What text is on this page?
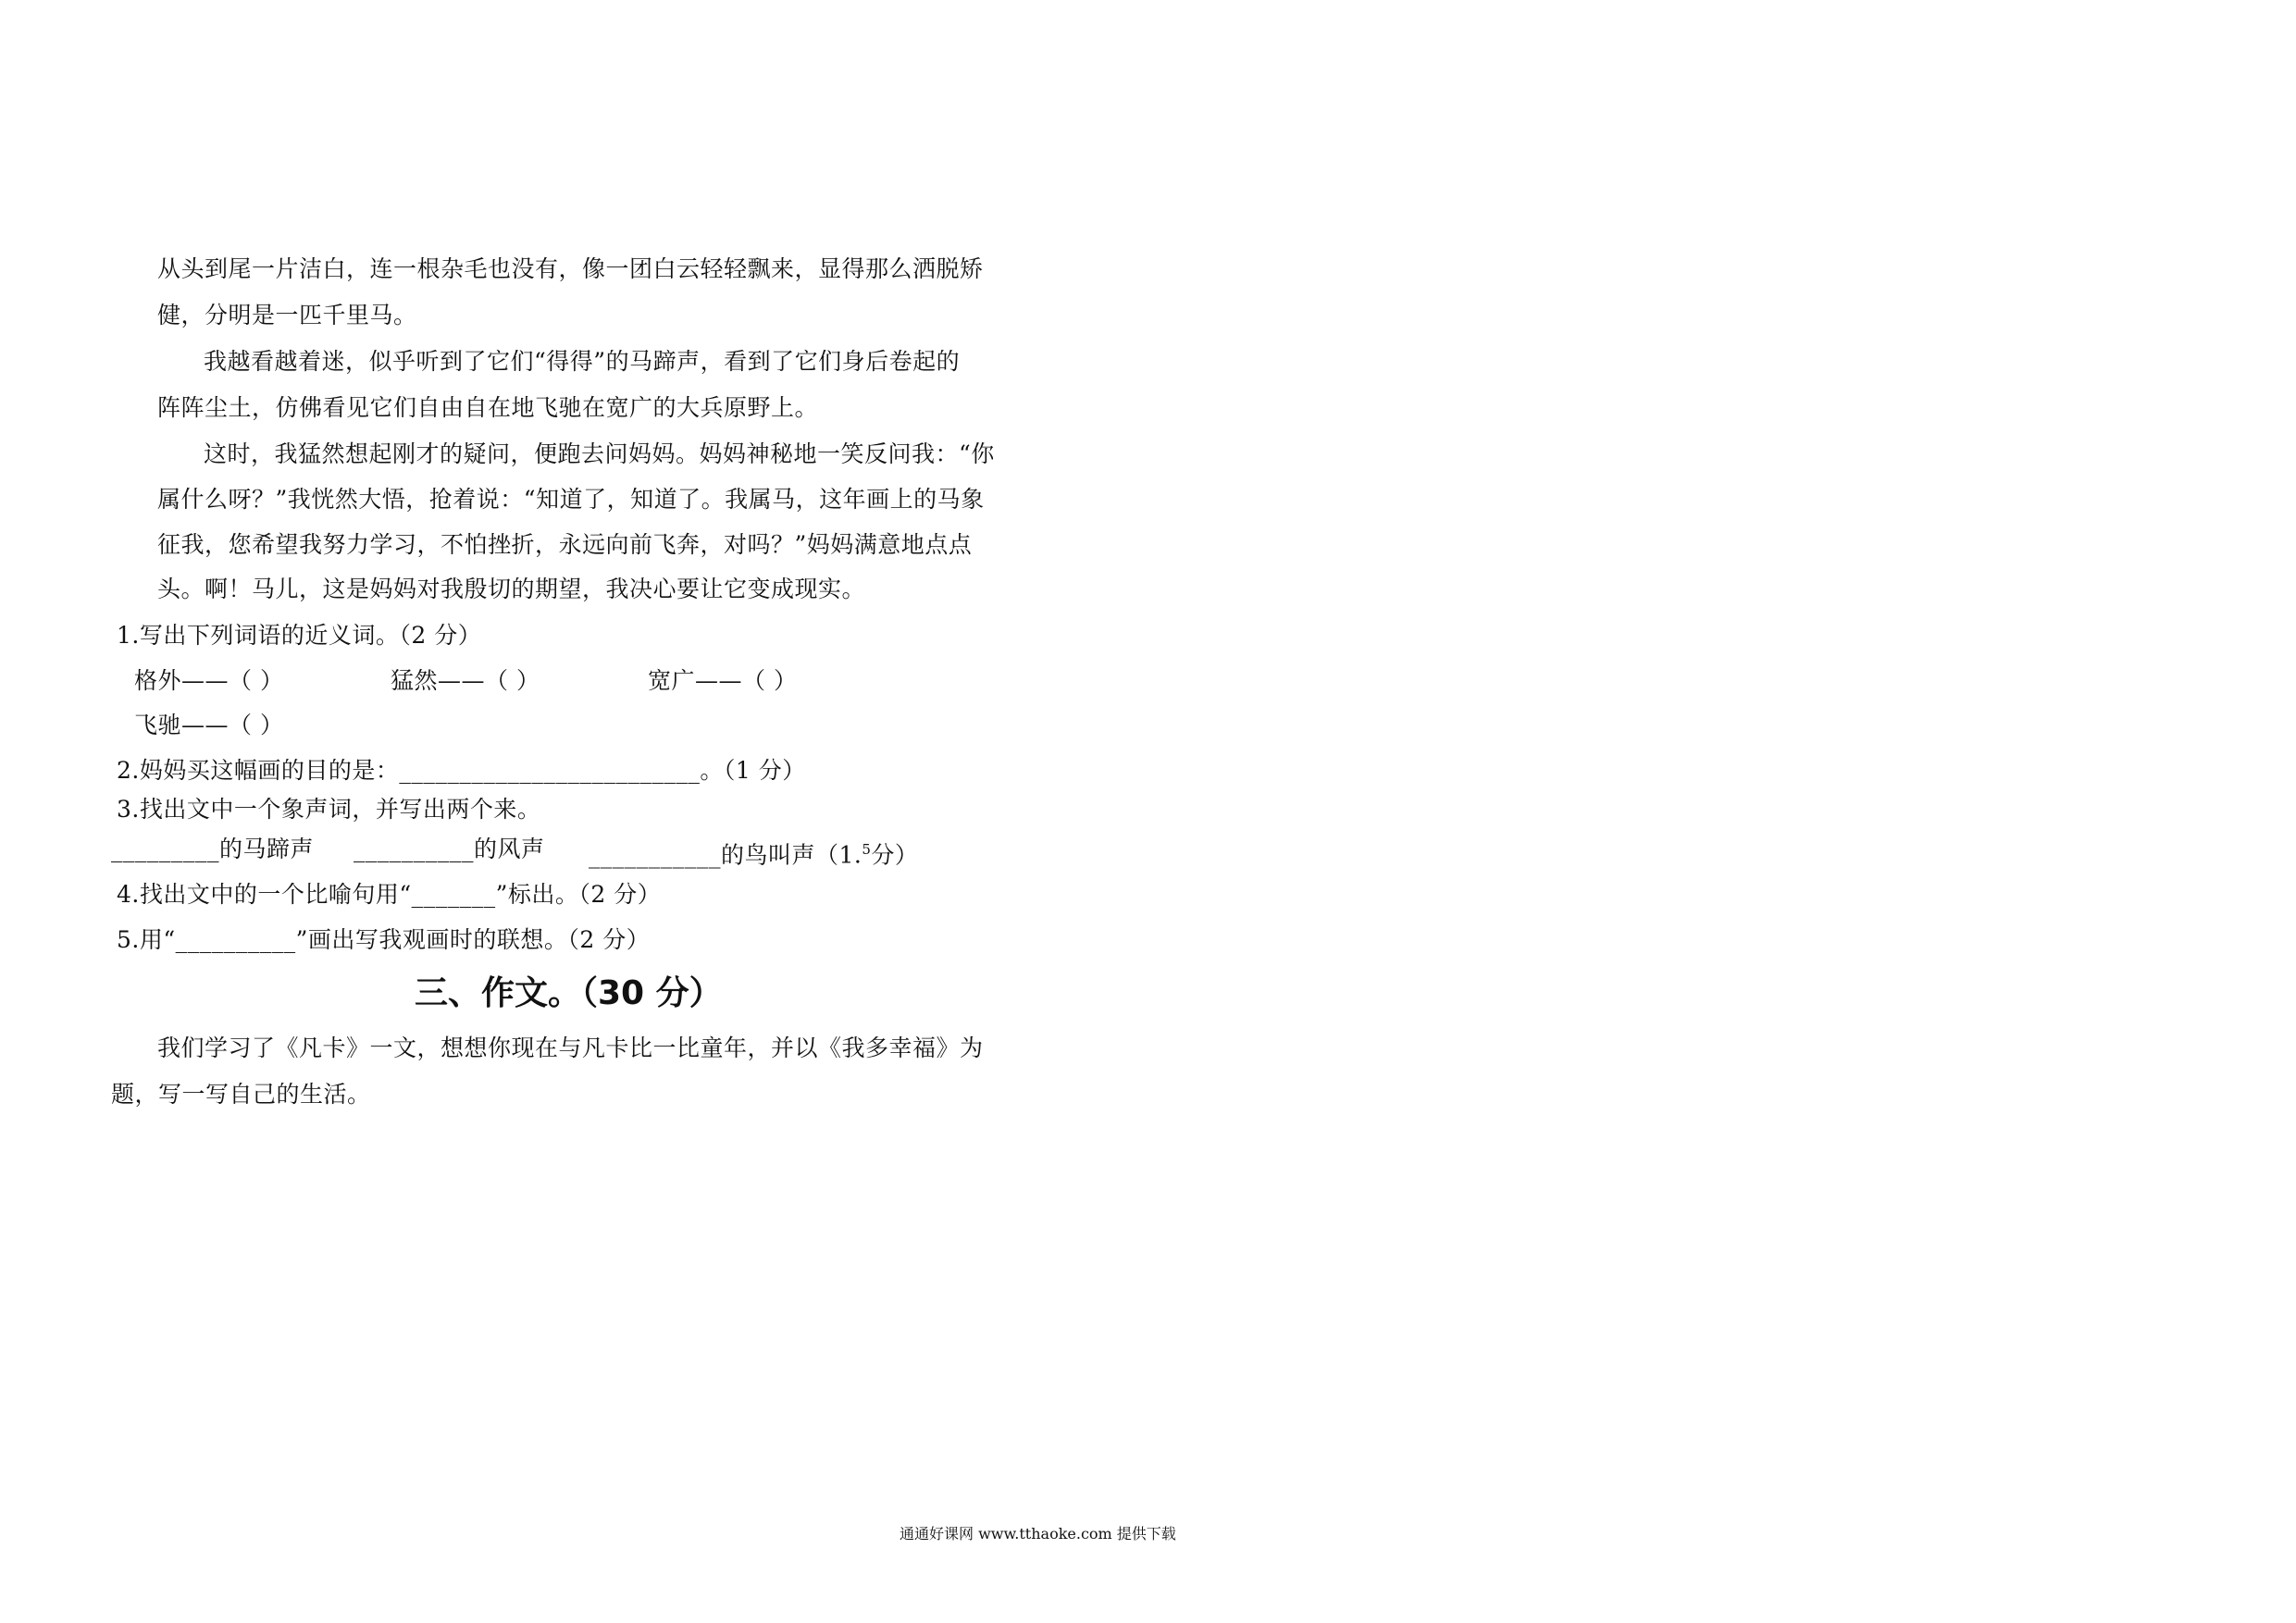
从头到尾一片洁白，连一根杂毛也没有，像一团白云轻轻飘来，显得那么洒脱矫
健，分明是一匹千里马。
我越看越着迷，似乎听到了它们“得得”的马蹄声，看到了它们身后卷起的
阵阵尘土，仿佛看见它们自由自在地飞驰在宽广的大兵原野上。
这时，我猛然想起刚才的疑问，便跑去问妈妈。妈妈神秘地一笑反问我：“你
属什么呀？”我恍然大悟，抢着说：“知道了，知道了。我属马，这年画上的马象
征我，您希望我努力学习，不怕挫折，永远向前飞奔，对吗？”妈妈满意地点点
头。啊！马儿，这是妈妈对我殷切的期望，我决心要让它变成现实。
1.写出下列词语的近义词。（2 分）
格外——（ ）	猛然——（ ）	宽广——（ ）
飞驰——（ ）
2.妈妈买这幅画的目的是：_________________________。（1 分）
3.找出文中一个象声词，并写出两个来。
_________的马蹄声 __________的风声 ___________的鸟叫声（1.$^5$分）
4.找出文中的一个比喻句用“_______”标出。（2 分）
5.用“__________”画出写我观画时的联想。（2 分）
三、作文。（30 分）
我们学习了《凡卡》一文，想想你现在与凡卡比一比童年，并以《我多幸福》为
题，写一写自己的生活。
通通好课网 www.tthaoke.com 提供下载
